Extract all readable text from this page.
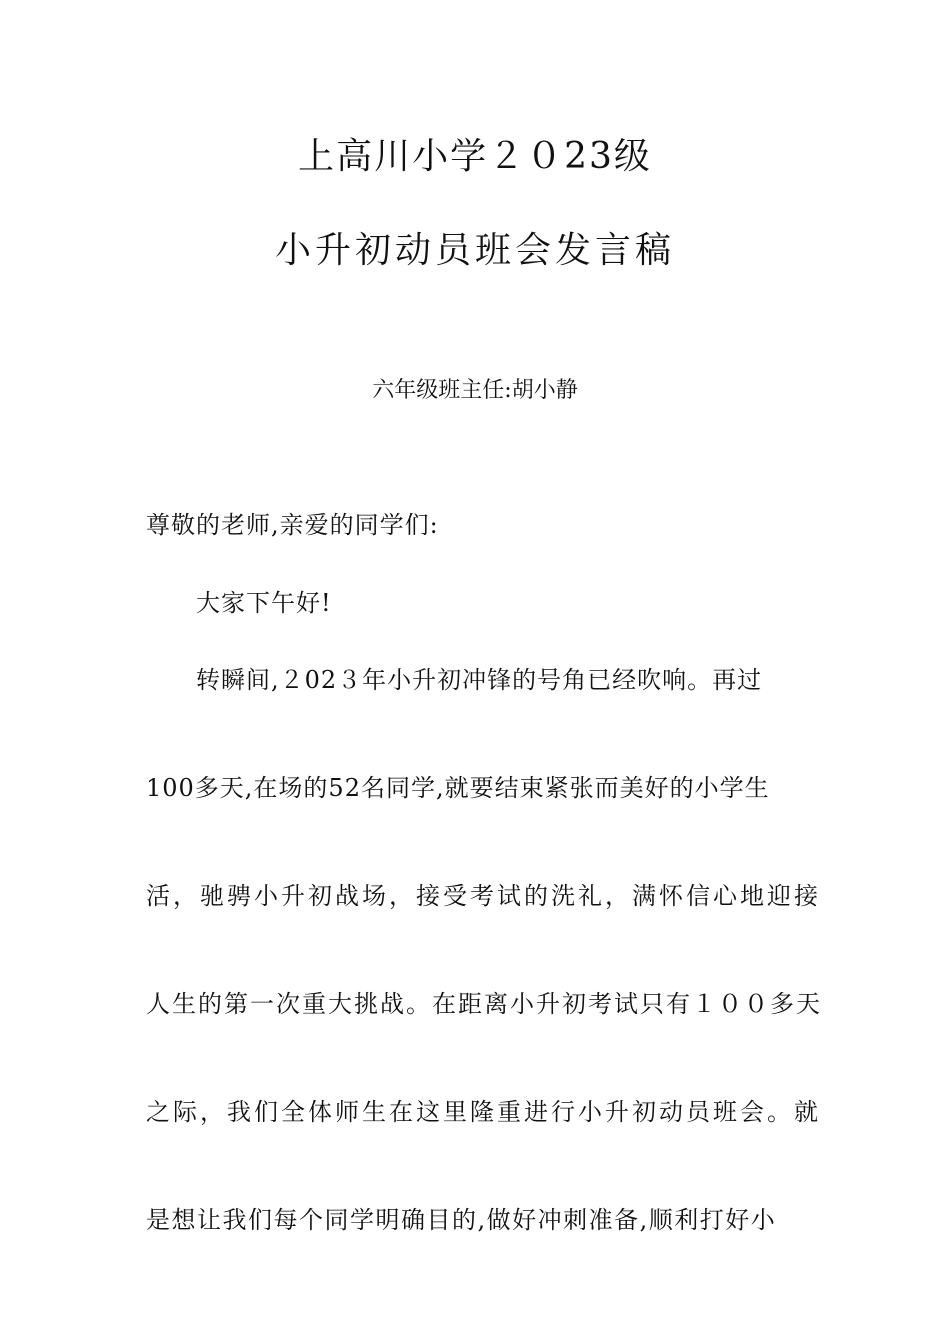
上高川小学２０23级
小升初动员班会发言稿
六年级班主任:胡小静
尊敬的老师,亲爱的同学们:
大家下午好!
转瞬间,２02３年小升初冲锋的号角已经吹响。再过
100多天,在场的52名同学,就要结束紧张而美好的小学生
活，驰骋小升初战场，接受考试的洗礼，满怀信心地迎接
人生的第一次重大挑战。在距离小升初考试只有１００多天
之际，我们全体师生在这里隆重进行小升初动员班会。就
是想让我们每个同学明确目的,做好冲刺准备,顺利打好小
